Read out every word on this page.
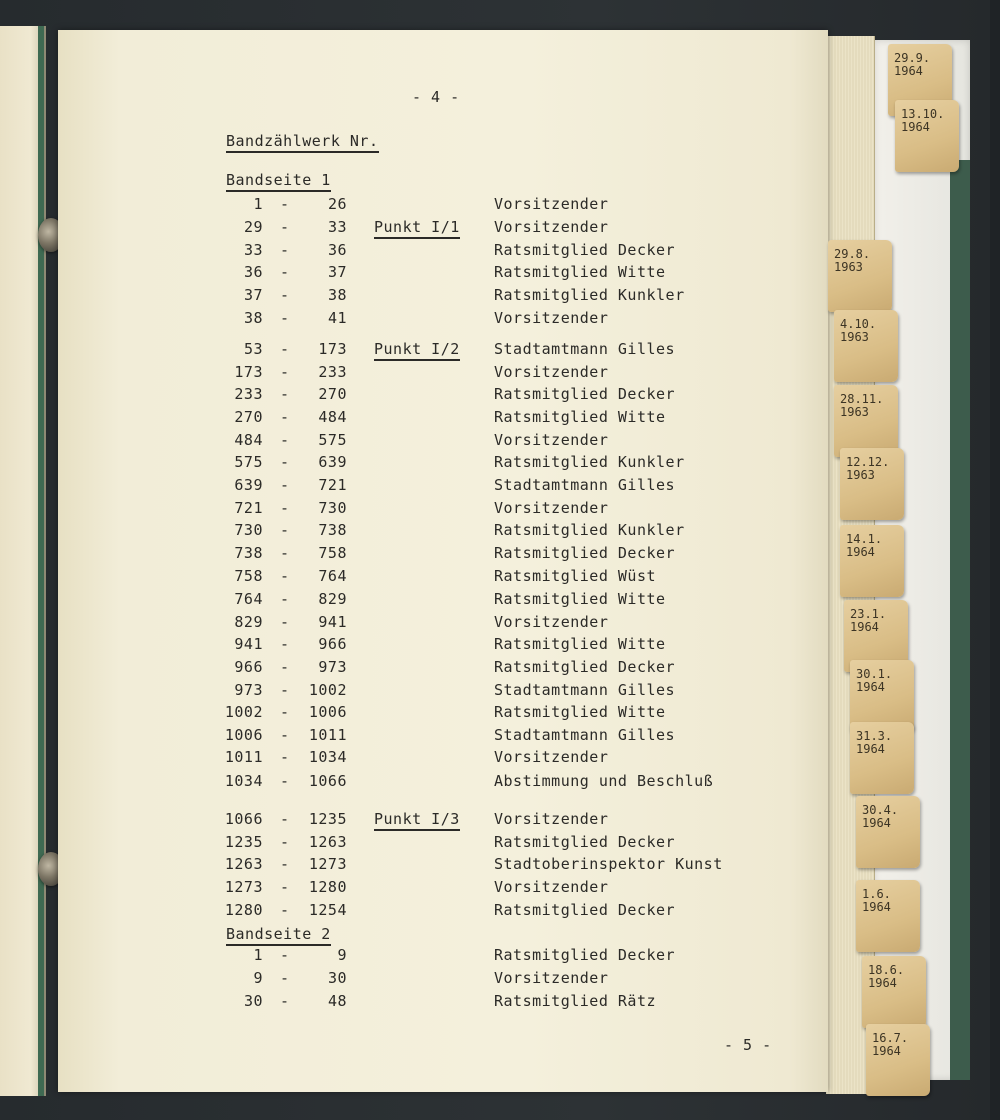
- 4 -
Bandzählwerk Nr.
Bandseite 1
1 -	26	Vorsitzender
29 -	33 Punkt I/1 Vorsitzender
33 -	36	Ratsmitglied Decker
36 -	37	Ratsmitglied Witte
37 -	38	Ratsmitglied Kunkler
38 -	41	Vorsitzender
53 -	173 Punkt I/2 Stadtamtmann Gilles
173 -	233	Vorsitzender
233 -	270	Ratsmitglied Decker
270 -	484	Ratsmitglied Witte
484 -	575	Vorsitzender
575 -	639	Ratsmitglied Kunkler
639 -	721	Stadtamtmann Gilles
721 -	730	Vorsitzender
730 -	738	Ratsmitglied Kunkler
738 -	758	Ratsmitglied Decker
758 -	764	Ratsmitglied Wüst
764 -	829	Ratsmitglied Witte
829 -	941	Vorsitzender
941 -	966	Ratsmitglied Witte
966 -	973	Ratsmitglied Decker
973 -	1002	Stadtamtmann Gilles
1002 -	1006	Ratsmitglied Witte
1006 -	1011	Stadtamtmann Gilles
1011 -	1034	Vorsitzender
1034 -	1066	Abstimmung und Beschluß
1066 -	1235 Punkt I/3 Vorsitzender
1235 -	1263	Ratsmitglied Decker
1263 -	1273	Stadtoberinspektor Kunst
1273 -	1280	Vorsitzender
1280 -	1254	Ratsmitglied Decker
Bandseite 2
1 -	9	Ratsmitglied Decker
9 -	30	Vorsitzender
30 -	48	Ratsmitglied Rätz
- 5 -
29.9.
1964
13.10.
1964
29.8.
1963
4.10.
1963
28.11.
1963
12.12.
1963
14.1.
1964
23.1.
1964
30.1.
1964
31.3.
1964
30.4.
1964
1.6.
1964
18.6.
1964
16.7.
1964
